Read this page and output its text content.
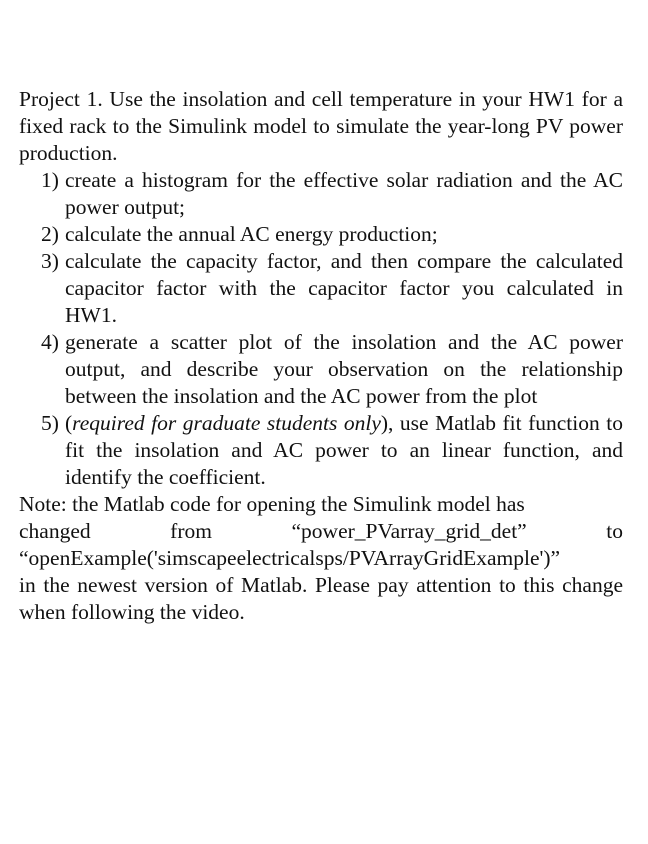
Project 1. Use the insolation and cell temperature in your HW1 for a fixed rack to the Simulink model to simulate the year-long PV power production.

1) create a histogram for the effective solar radiation and the AC power output;
2) calculate the annual AC energy production;
3) calculate the capacity factor, and then compare the calculated capacitor factor with the capacitor factor you calculated in HW1.
4) generate a scatter plot of the insolation and the AC power output, and describe your observation on the relationship between the insolation and the AC power from the plot
5) (required for graduate students only), use Matlab fit function to fit the insolation and AC power to an linear function, and identify the coefficient.

Note: the Matlab code for opening the Simulink model has

changed	from	“power_PVarray_grid_det”	to
“openExample('simscapeelectricalsps/PVArrayGridExample')”

in the newest version of Matlab. Please pay attention to this change when following the video.
